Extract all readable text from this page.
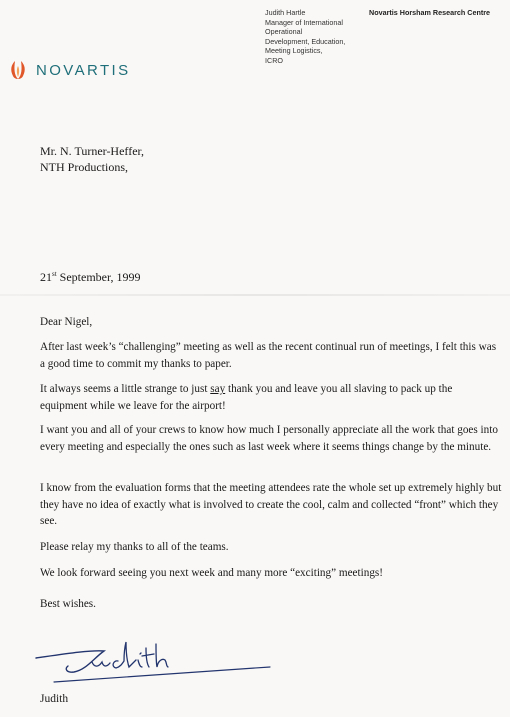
Judith Hartle
Manager of International
Operational
Development, Education,
Meeting Logistics,
ICRO
Novartis Horsham Research Centre
NOVARTIS
Mr. N. Turner-Heffer,
NTH Productions,
21st September, 1999

Dear Nigel,

After last week’s “challenging” meeting as well as the recent continual run of meetings, I felt this was a good time to commit my thanks to paper.

It always seems a little strange to just say thank you and leave you all slaving to pack up the equipment while we leave for the airport!

I want you and all of your crews to know how much I personally appreciate all the work that goes into every meeting and especially the ones such as last week where it seems things change by the minute.

I know from the evaluation forms that the meeting attendees rate the whole set up extremely highly but they have no idea of exactly what is involved to create the cool, calm and collected “front” which they see.

Please relay my thanks to all of the teams.

We look forward seeing you next week and many more “exciting” meetings!

Best wishes.

Judith
